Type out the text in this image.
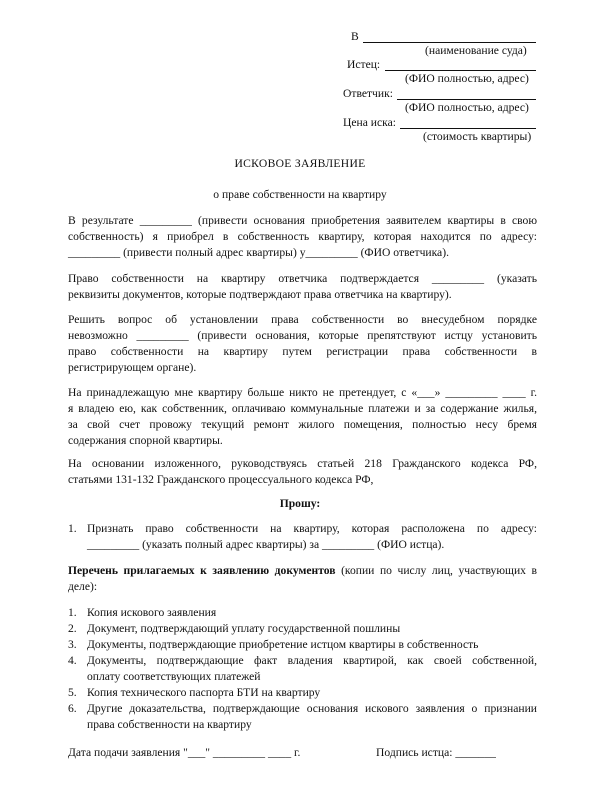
В
(наименование суда)
Истец:
(ФИО полностью, адрес)
Ответчик:
(ФИО полностью, адрес)
Цена иска:
(стоимость квартиры)
ИСКОВОЕ ЗАЯВЛЕНИЕ
о праве собственности на квартиру
В результате _________ (привести основания приобретения заявителем квартиры в свою
собственность) я приобрел в собственность квартиру, которая находится по адресу:
_________ (привести полный адрес квартиры) у_________ (ФИО ответчика).
Право собственности на квартиру ответчика подтверждается _________ (указать
реквизиты документов, которые подтверждают права ответчика на квартиру).
Решить вопрос об установлении права собственности во внесудебном порядке
невозможно _________ (привести основания, которые препятствуют истцу установить
право собственности на квартиру путем регистрации права собственности в
регистрирующем органе).
На принадлежащую мне квартиру больше никто не претендует, с «___» _________ ____ г.
я владею ею, как собственник, оплачиваю коммунальные платежи и за содержание жилья,
за свой счет провожу текущий ремонт жилого помещения, полностью несу бремя
содержания спорной квартиры.
На основании изложенного, руководствуясь статьей 218 Гражданского кодекса РФ,
статьями 131-132 Гражданского процессуального кодекса РФ,
Прошу:
1. Признать право собственности на квартиру, которая расположена по адресу:
_________ (указать полный адрес квартиры) за _________ (ФИО истца).
Перечень прилагаемых к заявлению документов (копии по числу лиц, участвующих в
деле):
1. Копия искового заявления
2. Документ, подтверждающий уплату государственной пошлины
3. Документы, подтверждающие приобретение истцом квартиры в собственность
4. Документы, подтверждающие факт владения квартирой, как своей собственной,
оплату соответствующих платежей
5. Копия технического паспорта БТИ на квартиру
6. Другие доказательства, подтверждающие основания искового заявления о признании
права собственности на квартиру
Дата подачи заявления "___" _________ ____ г.	Подпись истца: _______
